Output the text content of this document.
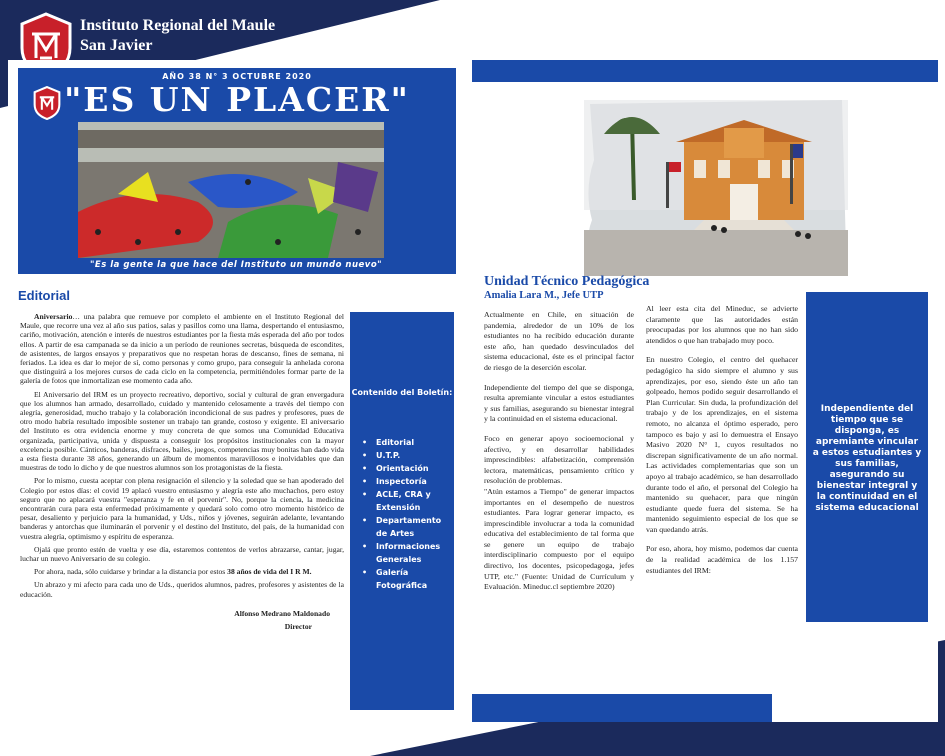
Instituto Regional del Maule
San Javier
AÑO 38 N° 3 OCTUBRE 2020
"ES UN PLACER"
"Es la gente la que hace del Instituto un mundo nuevo"
Editorial

Aniversario… una palabra que remueve por completo el ambiente en el Instituto Regional del Maule, que recorre una vez al año sus patios, salas y pasillos como una llama, despertando el entusiasmo, cariño, motivación, atención e interés de nuestros estudiantes por la fiesta más esperada del año por todos ellos. A partir de esa campanada se da inicio a un período de reuniones secretas, búsqueda de escondites, de asistentes, de largos ensayos y preparativos que no respetan horas de descanso, fines de semana, ni feriados. La idea es dar lo mejor de sí, como personas y como grupo, para conseguir la anhelada corona que distinguirá a los mejores cursos de cada ciclo en la competencia, permitiéndoles formar parte de la galería de fotos que inmortalizan ese momento cada año.

El Aniversario del IRM es un proyecto recreativo, deportivo, social y cultural de gran envergadura que los alumnos han armado, desarrollado, cuidado y mantenido celosamente a través del tiempo con alegría, generosidad, mucho trabajo y la colaboración incondicional de sus padres y profesores, pues de otro modo habría resultado imposible sostener un trabajo tan grande, costoso y exigente. El aniversario del Instituto es otra evidencia enorme y muy concreta de que somos una Comunidad Educativa organizada, participativa, unida y dispuesta a conseguir los propósitos institucionales con la mayor excelencia posible. Cánticos, banderas, disfraces, bailes, juegos, competencias muy bonitas han dado vida a esta fiesta durante 38 años, generando un álbum de momentos maravillosos e inolvidables que dan muestras de todo lo dicho y de que nuestros alumnos son los protagonistas de la fiesta.

Por lo mismo, cuesta aceptar con plena resignación el silencio y la soledad que se han apoderado del Colegio por estos días: el covid 19 aplacó vuestro entusiasmo y alegría este año muchachos, pero estoy seguro que no aplacará vuestra "esperanza y fe en el porvenir". No, porque la ciencia, la medicina encontrarán cura para esta enfermedad próximamente y quedará solo como otro momento histórico de pesar, desaliento y perjuicio para la humanidad, y Uds., niños y jóvenes, seguirán adelante, levantando banderas y antorchas que iluminarán el porvenir y el destino del Instituto, del país, de la humanidad con vuestra alegría, optimismo y espíritu de esperanza.

Ojalá que pronto estén de vuelta y ese día, estaremos contentos de verlos abrazarse, cantar, jugar, luchar un nuevo Aniversario de su colegio.

Por ahora, nada, sólo cuidarse y brindar a la distancia por estos 38 años de vida del I R M.

Un abrazo y mi afecto para cada uno de Uds., queridos alumnos, padres, profesores y asistentes de la educación.

Alfonso Medrano Maldonado

Director

Contenido del Boletín:
• Editorial
• U.T.P.
• Orientación
• Inspectoría
• ACLE, CRA y Extensión
• Departamento de Artes
• Informaciones Generales
• Galería Fotográfica
Unidad Técnico Pedagógica
Amalia Lara M., Jefe UTP

Actualmente en Chile, en situación de pandemia, alrededor de un 10% de los estudiantes no ha recibido educación durante este año, han quedado desvinculados del sistema educacional, éste es el principal factor de riesgo de la deserción escolar.

Independiente del tiempo del que se disponga, resulta apremiante vincular a estos estudiantes y sus familias, asegurando su bienestar integral y la continuidad en el sistema educacional.

Foco en generar apoyo socioemocional y afectivo, y en desarrollar habilidades imprescindibles: alfabetización, comprensión lectora, matemáticas, pensamiento crítico y resolución de problemas.

"Atún estamos a Tiempo" de generar impactos importantes en el desempeño de nuestros estudiantes. Para lograr generar impacto, es imprescindible involucrar a toda la comunidad educativa del establecimiento de tal forma que se genere un equipo de trabajo interdisciplinario compuesto por el equipo directivo, los docentes, psicopedagoga, jefes UTP, etc." (Fuente: Unidad de Currículum y Evaluación. Mineduc.cl septiembre 2020)

Al leer esta cita del Mineduc, se advierte claramente que las autoridades están preocupadas por los alumnos que no han sido atendidos o que han trabajado muy poco.

En nuestro Colegio, el centro del quehacer pedagógico ha sido siempre el alumno y sus aprendizajes, por eso, siendo éste un año tan golpeado, hemos podido seguir desarrollando el Plan Curricular. Sin duda, la profundización del trabajo y de los aprendizajes, en el sistema remoto, no alcanza el óptimo esperado, pero tampoco es bajo y así lo demuestra el Ensayo Masivo 2020 N° 1, cuyos resultados no discrepan significativamente de un año normal. Las actividades complementarias que son un apoyo al trabajo académico, se han desarrollado durante todo el año, el personal del Colegio ha mantenido su quehacer, para que ningún estudiante quede fuera del sistema. Se ha mantenido seguimiento especial de los que se van quedando atrás.

Por eso, ahora, hoy mismo, podemos dar cuenta de la realidad académica de los 1.157 estudiantes del IRM:

Independiente del tiempo que se disponga, es apremiante vincular a estos estudiantes y sus familias, asegurando su bienestar integral y la continuidad en el sistema educacional
